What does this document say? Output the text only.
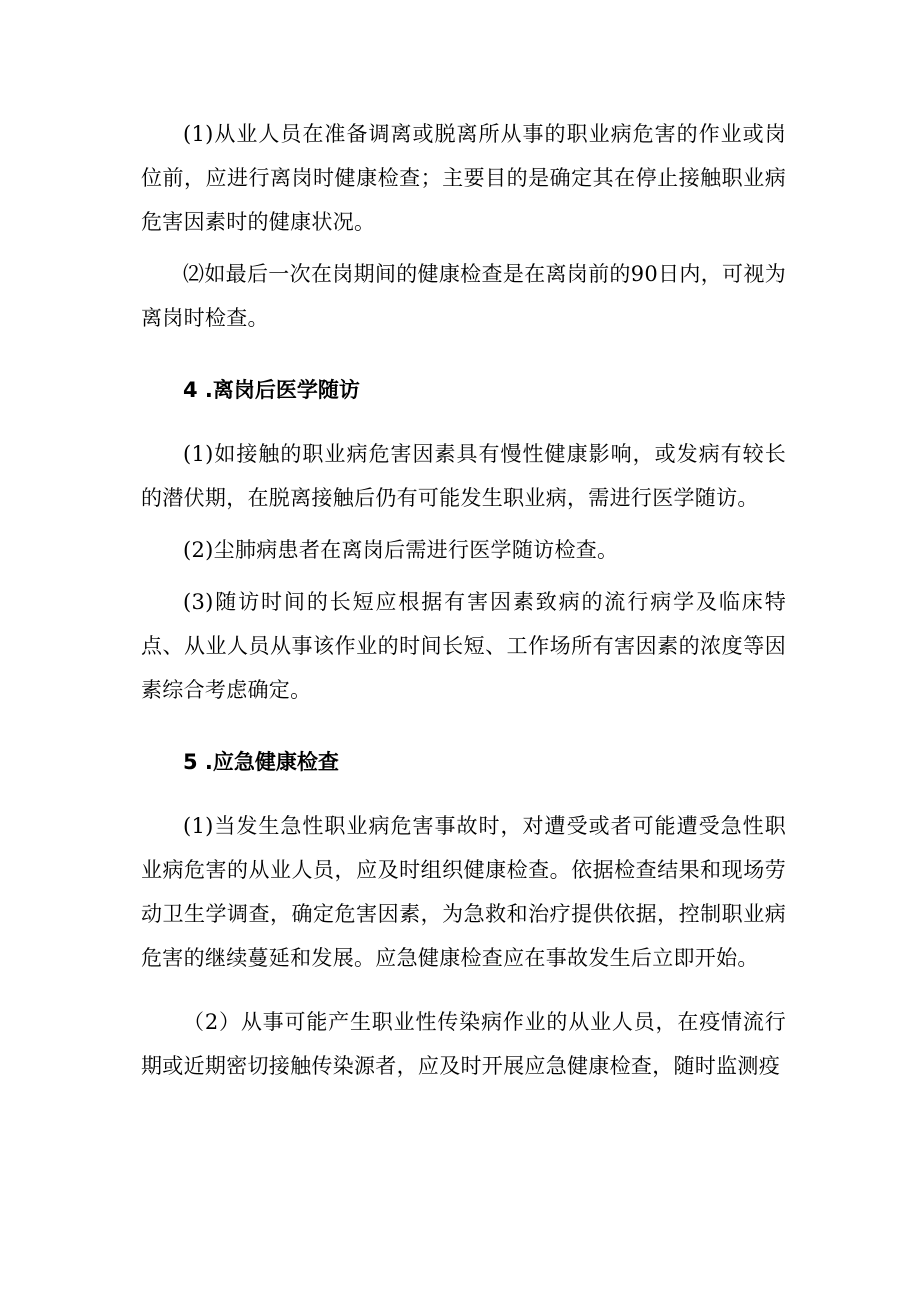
(1)从业人员在准备调离或脱离所从事的职业病危害的作业或岗位前，应进行离岗时健康检查；主要目的是确定其在停止接触职业病危害因素时的健康状况。

⑵如最后一次在岗期间的健康检查是在离岗前的90日内，可视为离岗时检查。

4 .离岗后医学随访

(1)如接触的职业病危害因素具有慢性健康影响，或发病有较长的潜伏期，在脱离接触后仍有可能发生职业病，需进行医学随访。

(2)尘肺病患者在离岗后需进行医学随访检查。

(3)随访时间的长短应根据有害因素致病的流行病学及临床特点、从业人员从事该作业的时间长短、工作场所有害因素的浓度等因素综合考虑确定。

5 .应急健康检查

(1)当发生急性职业病危害事故时，对遭受或者可能遭受急性职业病危害的从业人员，应及时组织健康检查。依据检查结果和现场劳动卫生学调查，确定危害因素，为急救和治疗提供依据，控制职业病危害的继续蔓延和发展。应急健康检查应在事故发生后立即开始。

（2）从事可能产生职业性传染病作业的从业人员，在疫情流行期或近期密切接触传染源者，应及时开展应急健康检查，随时监测疫
